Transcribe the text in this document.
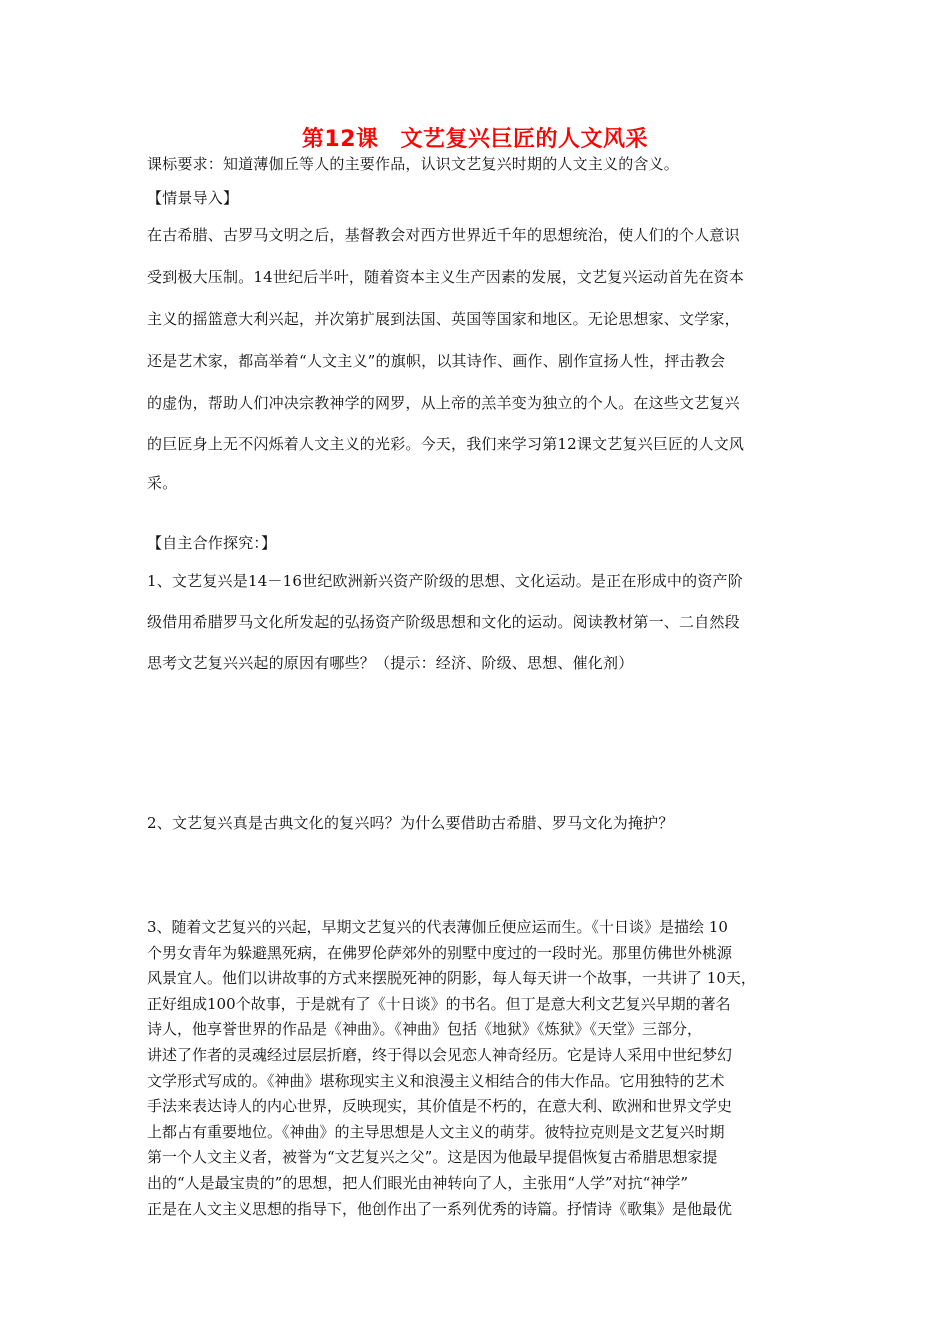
第12课 文艺复兴巨匠的人文风采
课标要求：知道薄伽丘等人的主要作品，认识文艺复兴时期的人文主义的含义。
【情景导入】
在古希腊、古罗马文明之后，基督教会对西方世界近千年的思想统治，使人们的个人意识
受到极大压制。14世纪后半叶，随着资本主义生产因素的发展，文艺复兴运动首先在资本
主义的摇篮意大利兴起，并次第扩展到法国、英国等国家和地区。无论思想家、文学家，
还是艺术家，都高举着“人文主义”的旗帜，以其诗作、画作、剧作宣扬人性，抨击教会
的虚伪，帮助人们冲决宗教神学的网罗，从上帝的羔羊变为独立的个人。在这些文艺复兴
的巨匠身上无不闪烁着人文主义的光彩。今天，我们来学习第12课文艺复兴巨匠的人文风
采。
【自主合作探究：】
1、文艺复兴是14－16世纪欧洲新兴资产阶级的思想、文化运动。是正在形成中的资产阶
级借用希腊罗马文化所发起的弘扬资产阶级思想和文化的运动。阅读教材第一、二自然段
思考文艺复兴兴起的原因有哪些？（提示：经济、阶级、思想、催化剂）
2、文艺复兴真是古典文化的复兴吗？为什么要借助古希腊、罗马文化为掩护？
3、随着文艺复兴的兴起，早期文艺复兴的代表薄伽丘便应运而生。《十日谈》是描绘 10
个男女青年为躲避黑死病，在佛罗伦萨郊外的别墅中度过的一段时光。那里仿佛世外桃源
风景宜人。他们以讲故事的方式来摆脱死神的阴影，每人每天讲一个故事，一共讲了 10天，
正好组成100个故事，于是就有了《十日谈》的书名。但丁是意大利文艺复兴早期的著名
诗人，他享誉世界的作品是《神曲》。《神曲》包括《地狱》《炼狱》《天堂》三部分，
讲述了作者的灵魂经过层层折磨，终于得以会见恋人神奇经历。它是诗人采用中世纪梦幻
文学形式写成的。《神曲》堪称现实主义和浪漫主义相结合的伟大作品。它用独特的艺术
手法来表达诗人的内心世界，反映现实，其价值是不朽的，在意大利、欧洲和世界文学史
上都占有重要地位。《神曲》的主导思想是人文主义的萌芽。彼特拉克则是文艺复兴时期
第一个人文主义者，被誉为“文艺复兴之父”。这是因为他最早提倡恢复古希腊思想家提
出的“人是最宝贵的”的思想，把人们眼光由神转向了人，主张用“人学”对抗“神学”
正是在人文主义思想的指导下，他创作出了一系列优秀的诗篇。抒情诗《歌集》是他最优
